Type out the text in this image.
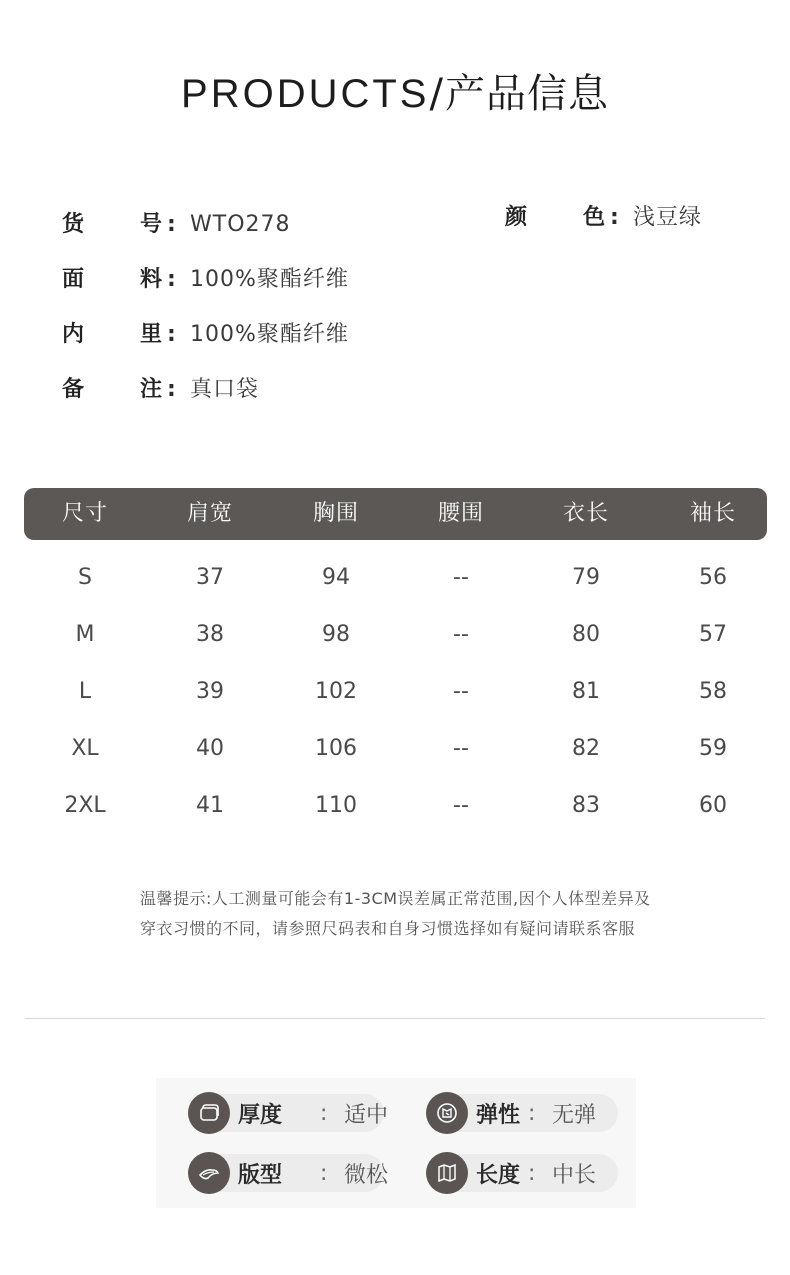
PRODUCTS/产品信息
货	号 : WTO278
面	料 : 100%聚酯纤维
内	里 : 100%聚酯纤维
备	注 : 真口袋
颜	色 : 浅豆绿
尺寸	肩宽	胸围	腰围	衣长	袖长
S	37	94	--	79	56
M	38	98	--	80	57
L	39	102	--	81	58
XL	40	106	--	82	59
2XL	41	110	--	83	60
温馨提示:人工测量可能会有1-3CM误差属正常范围,因个人体型差异及
穿衣习惯的不同，请参照尺码表和自身习惯选择如有疑问请联系客服
厚度 : 适中	弹性 : 无弹
版型 : 微松	长度 : 中长
